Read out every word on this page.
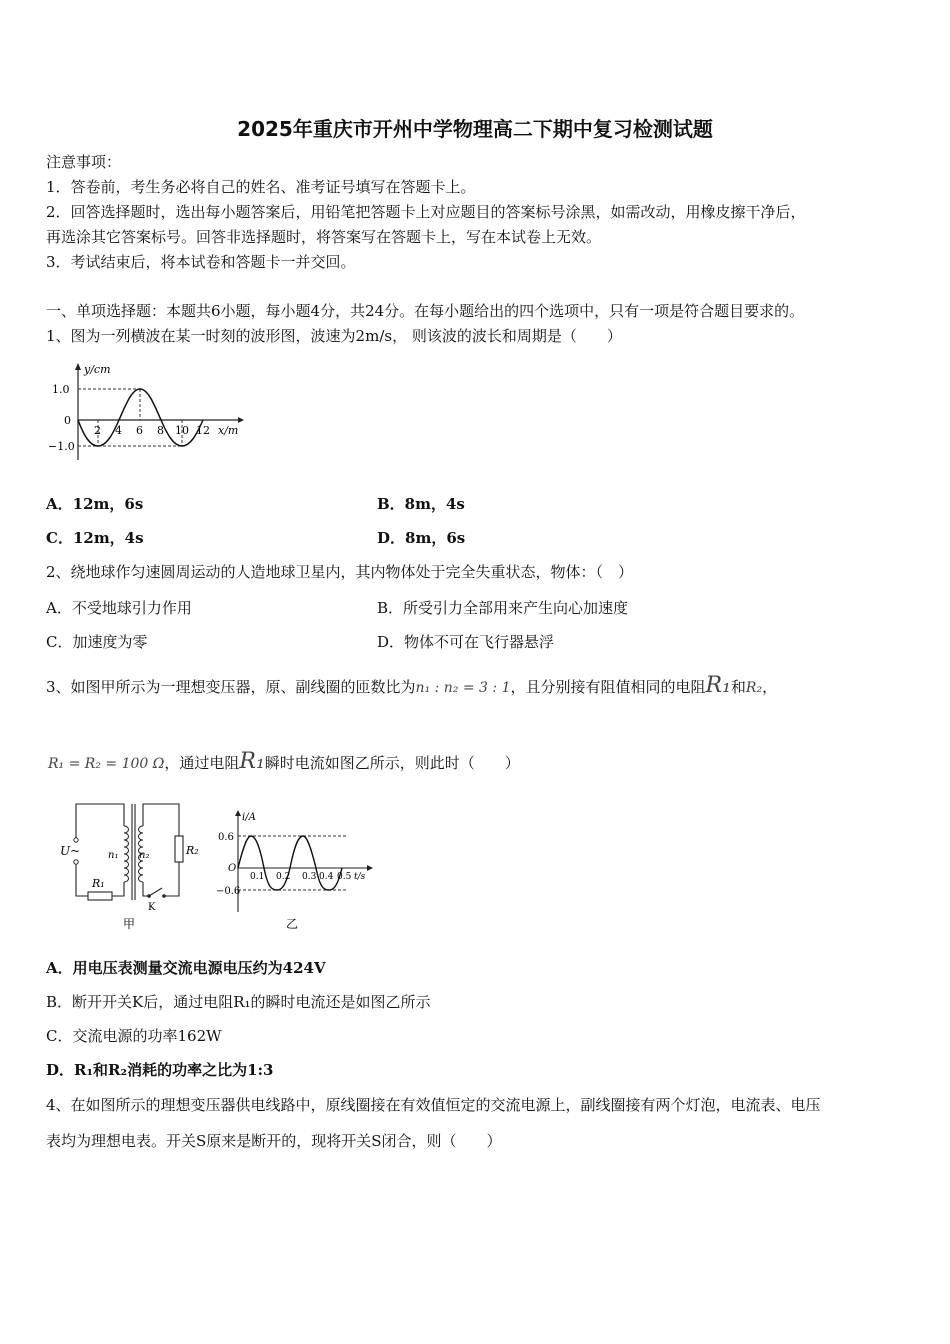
2025年重庆市开州中学物理高二下期中复习检测试题
注意事项：
1．答卷前，考生务必将自己的姓名、准考证号填写在答题卡上。
2．回答选择题时，选出每小题答案后，用铅笔把答题卡上对应题目的答案标号涂黑，如需改动，用橡皮擦干净后，
再选涂其它答案标号。回答非选择题时，将答案写在答题卡上，写在本试卷上无效。
3．考试结束后，将本试卷和答题卡一并交回。
一、单项选择题：本题共6小题，每小题4分，共24分。在每小题给出的四个选项中，只有一项是符合题目要求的。
1、图为一列横波在某一时刻的波形图，波速为2m/s， 则该波的波长和周期是（　　）
y/cm
1.0
0
−1.0
2 4 6 8 10 12 x/m
A．12m，6s	B．8m，4s
C．12m，4s	D．8m，6s
2、绕地球作匀速圆周运动的人造地球卫星内，其内物体处于完全失重状态，物体：（　）
A．不受地球引力作用	B．所受引力全部用来产生向心加速度
C．加速度为零	D．物体不可在飞行器悬浮
3、如图甲所示为一理想变压器，原、副线圈的匝数比为n₁ : n₂ = 3 : 1，且分别接有阻值相同的电阻R₁和R₂，
R₁ = R₂ = 100 Ω，通过电阻R₁瞬时电流如图乙所示，则此时（　　）
U~	n₁ n₂
R₁
R₂
K
甲
i/A
0.6
O
−0.6
0.1 0.2 0.3 0.4 0.5 t/s
乙
A．用电压表测量交流电源电压约为424V
B．断开开关K后，通过电阻R₁的瞬时电流还是如图乙所示
C．交流电源的功率162W
D．R₁和R₂消耗的功率之比为1:3
4、在如图所示的理想变压器供电线路中，原线圈接在有效值恒定的交流电源上，副线圈接有两个灯泡，电流表、电压
表均为理想电表。开关S原来是断开的，现将开关S闭合，则（　　）
